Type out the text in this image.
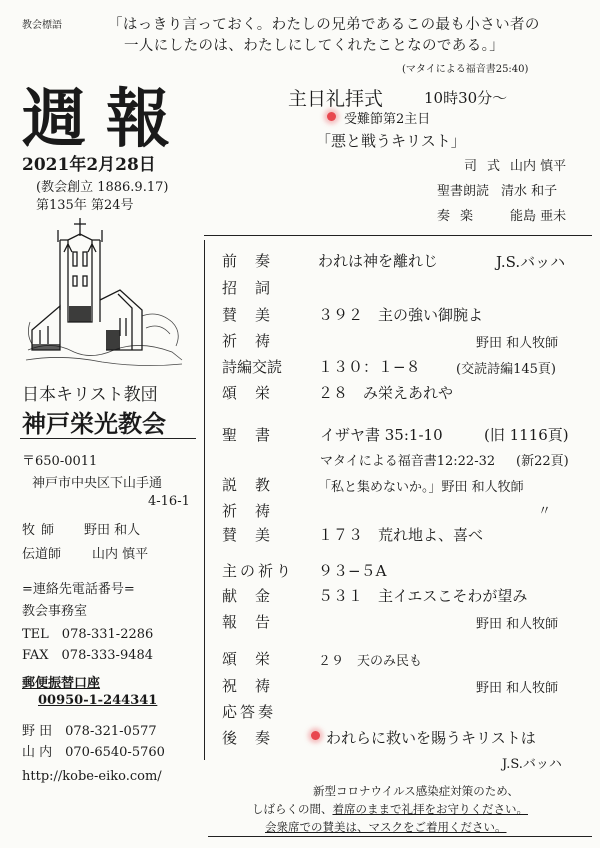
教会標語	「はっきり言っておく。わたしの兄弟であるこの最も小さい者の
一人にしたのは、わたしにしてくれたことなのである。」
(マタイによる福音書25:40)
週報
2021年2月28日
(教会創立 1886.9.17)
第135年 第24号
日本キリスト教団
神戸栄光教会
〒650-0011
神戸市中央区下山手通
4-16-1
牧師 野田 和人
伝道師 山内 慎平
=連絡先電話番号=
教会事務室
TEL　078-331-2286
FAX　078-333-9484
郵便振替口座
00950-1-244341
野 田　078-321-0577
山 内　070-6540-5760
http://kobe-eiko.com/
主日礼拝式	10時30分～
受難節第2主日
「悪と戦うキリスト」
司式 山内 慎平
聖書朗読 清水 和子
奏楽 能島 亜未
前奏 われは神を離れじ	J.S.バッハ
招詞
賛美 ３９２　主の強い御腕よ
祈祷	野田 和人牧師
詩編交読 １３０：１−８	(交読詩編145頁)
頌栄 ２８　み栄えあれや
聖書 イザヤ書 35:1-10	(旧 1116頁)
マタイによる福音書12:22-32 (新22頁)
説教 「私と集めないか。」野田 和人牧師
祈祷	〃
賛美 １７３　荒れ地よ、喜べ
主の祈り ９３−５A
献金 ５３１　主イエスこそわが望み
報告	野田 和人牧師
頌栄 ２９　天のみ民も
祝祷	野田 和人牧師
応答奏
後奏	われらに救いを賜うキリストは
J.S.バッハ
新型コロナウイルス感染症対策のため、
しばらくの間、着席のままで礼拝をお守りください。
会衆席での賛美は、マスクをご着用ください。
